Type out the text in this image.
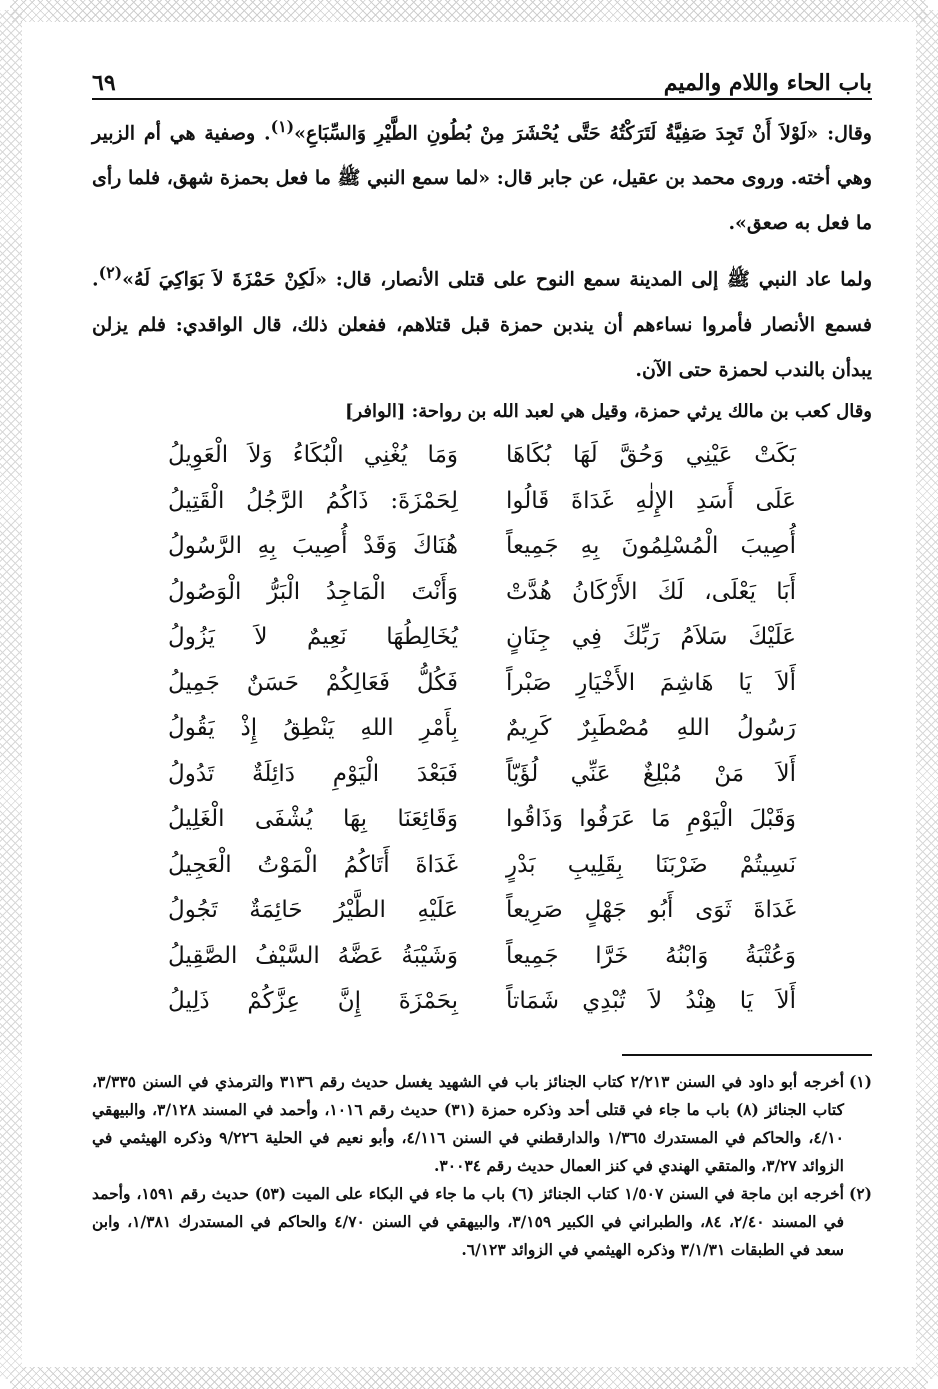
باب الحاء واللام والميم
٦٩

وقال: «لَوْلاَ أَنْ تَجِدَ صَفِيَّةُ لَتَرَكْتُهُ حَتَّى يُحْشَرَ مِنْ بُطُونِ الطَّيْرِ وَالسِّبَاعِ»$^{(١)}$. وصفية هي أم الزبير وهي أخته. وروى محمد بن عقيل، عن جابر قال: «لما سمع النبي ﷺ ما فعل بحمزة شهق، فلما رأى ما فعل به صعق».

ولما عاد النبي ﷺ إلى المدينة سمع النوح على قتلى الأنصار، قال: «لَكِنْ حَمْزَةَ لاَ بَوَاكِيَ لَهُ»$^{(٢)}$. فسمع الأنصار فأمروا نساءهم أن يندبن حمزة قبل قتلاهم، ففعلن ذلك، قال الواقدي: فلم يزلن يبدأن بالندب لحمزة حتى الآن.

وقال كعب بن مالك يرثي حمزة، وقيل هي لعبد الله بن رواحة: [الوافر]
بَكَتْ عَيْنِي وَحُقَّ لَهَا بُكَاهَا
وَمَا يُغْنِي الْبُكَاءُ وَلاَ الْعَوِيلُ
عَلَى أَسَدِ الإِلٰهِ غَدَاةَ قَالُوا
لِحَمْزَةَ: ذَاكُمُ الرَّجُلُ الْقَتِيلُ
أُصِيبَ الْمُسْلِمُونَ بِهِ جَمِيعاً
هُنَاكَ وَقَدْ أُصِيبَ بِهِ الرَّسُولُ
أَبَا يَعْلَى، لَكَ الأَرْكَانُ هُدَّتْ
وَأَنْتَ الْمَاجِدُ الْبَرُّ الْوَصُولُ
عَلَيْكَ سَلاَمُ رَبِّكَ فِي جِنَانٍ
يُخَالِطُهَا نَعِيمٌ لاَ يَزُولُ
أَلاَ يَا هَاشِمَ الأَخْيَارِ صَبْراً
فَكُلُّ فَعَالِكُمْ حَسَنٌ جَمِيلُ
رَسُولُ اللهِ مُصْطَبِرٌ كَرِيمٌ
بِأَمْرِ اللهِ يَنْطِقُ إِذْ يَقُولُ
أَلاَ مَنْ مُبْلِغٌ عَنِّي لُؤَيّاً
فَبَعْدَ الْيَوْمِ دَائِلَةٌ تَدُولُ
وَقَبْلَ الْيَوْمِ مَا عَرَفُوا وَذَاقُوا
وَقَائِعَنَا بِهَا يُشْفَى الْغَلِيلُ
نَسِيتُمْ ضَرْبَنَا بِقَلِيبِ بَدْرٍ
غَدَاةَ أَتَاكُمُ الْمَوْتُ الْعَجِيلُ
غَدَاةَ ثَوَى أَبُو جَهْلٍ صَرِيعاً
عَلَيْهِ الطَّيْرُ حَائِمَةٌ تَجُولُ
وَعُتْبَةُ وَابْنُهُ خَرَّا جَمِيعاً
وَشَيْبَةُ عَضَّهُ السَّيْفُ الصَّقِيلُ
أَلاَ يَا هِنْدُ لاَ تُبْدِي شَمَاتاً
بِحَمْزَةَ إِنَّ عِزَّكُمْ ذَلِيلُ
(١)
أخرجه أبو داود في السنن ٢/٢١٣ كتاب الجنائز باب في الشهيد يغسل حديث رقم ٣١٣٦ والترمذي في السنن ٣/٣٣٥، كتاب الجنائز (٨) باب ما جاء في قتلى أحد وذكره حمزة (٣١) حديث رقم ١٠١٦، وأحمد في المسند ٣/١٢٨، والبيهقي ٤/١٠، والحاكم في المستدرك ١/٣٦٥ والدارقطني في السنن ٤/١١٦، وأبو نعيم في الحلية ٩/٢٢٦ وذكره الهيثمي في الزوائد ٣/٢٧، والمتقي الهندي في كنز العمال حديث رقم ٣٠٠٣٤.
(٢)
أخرجه ابن ماجة في السنن ١/٥٠٧ كتاب الجنائز (٦) باب ما جاء في البكاء على الميت (٥٣) حديث رقم ١٥٩١، وأحمد في المسند ٢/٤٠، ٨٤، والطبراني في الكبير ٣/١٥٩، والبيهقي في السنن ٤/٧٠ والحاكم في المستدرك ١/٣٨١، وابن سعد في الطبقات ٣/١/٣١ وذكره الهيثمي في الزوائد ٦/١٢٣.
